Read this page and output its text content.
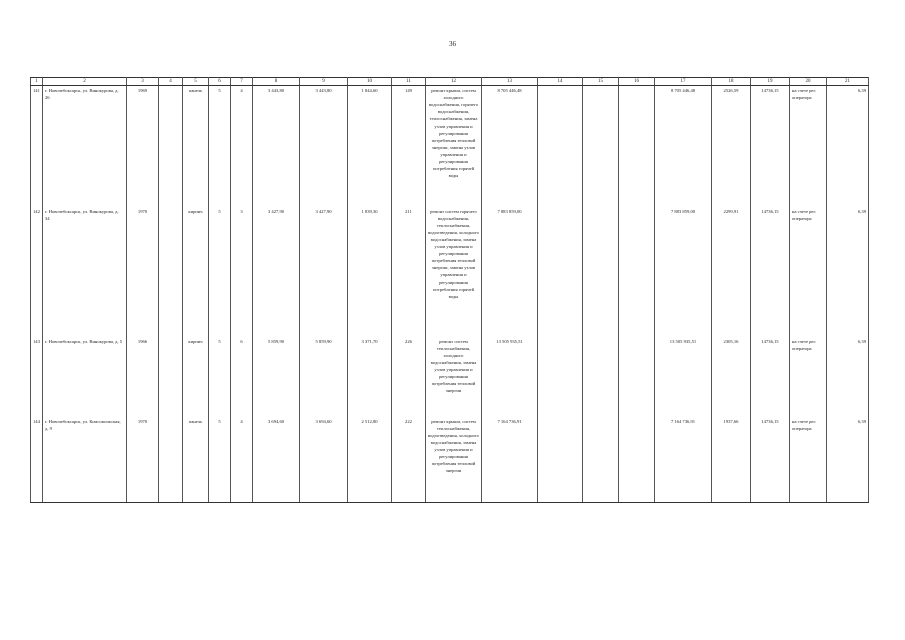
36
1	2	3	4	5	6	7	8	9	10	11	12	13	14	15	16	17	18	19	20	21
141	г. Новочебоксарск, ул. Винокурова, д. 26	1969		панель	5	4	3 443,80	3 443,80	1 844,60	149	ремонт крыши, систем холодного водоснабжения, горячего водоснабжения, теплоснабжения, замена узлов управления и регулирования потребления тепловой энергии, замена узлов управления и регулирования потребления горячей воды	8 705 446,48				8 705 446,48	2526,59	14736,15	на счете рег. оператора	6,39
142	г. Новочебоксарск, ул. Винокурова, д. 34	1970		кирпич	5	3	3 427,90	3 427,90	1 839,30	211	ремонт систем горячего водоснабжения, теплоснабжения, водоотведения, холодного водоснабжения, замена узлов управления и регулирования потребления тепловой энергии, замена узлов управления и регулирования потребления горячей воды	7 883 859,00				7 883 859,00	2299,91	14736,15	на счете рег. оператора	6,39
143	г. Новочебоксарск, ул. Винокурова, д. 5	1966		кирпич	5	6	5 859,90	5 859,90	3 371,70	226	ремонт систем теплоснабжения, холодного водоснабжения, замена узлов управления и регулирования потребления тепловой энергии	13 505 935,51				13 505 935,51	2305,16	14736,15	на счете рег. оператора	6,39
144	г. Новочебоксарск, ул. Комсомольская, д. 9	1970		панель	5	4	3 694,60	3 694,60	2 512,80	222	ремонт крыши, систем теплоснабжения, водоотведения, холодного водоснабжения, замена узлов управления и регулирования потребления тепловой энергии	7 164 736,91				7 164 736,91	1937,66	14736,15	на счете рег. оператора	6,39
